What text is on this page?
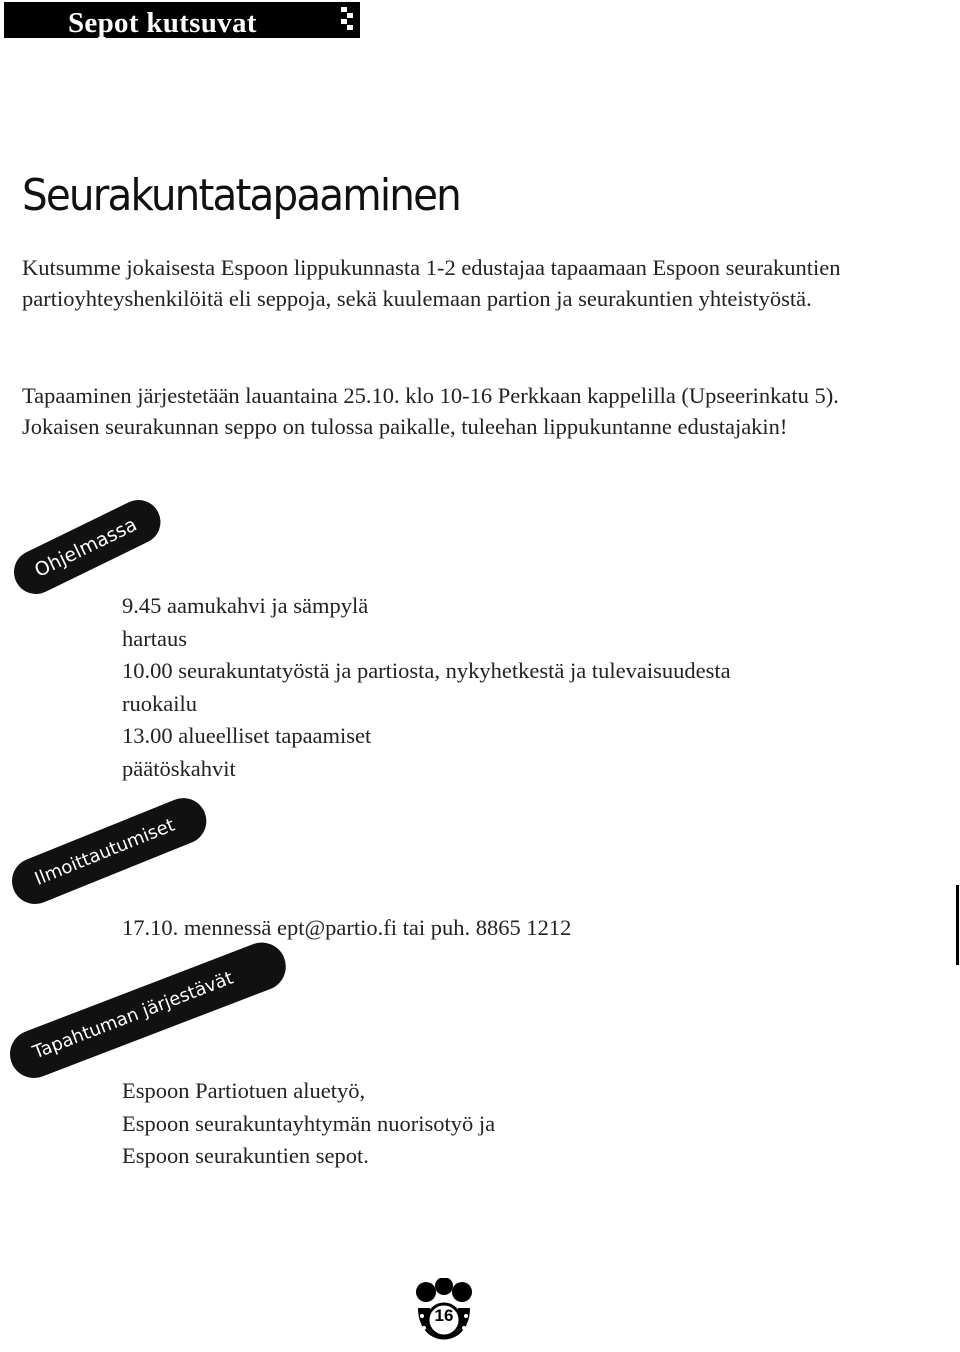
Sepot kutsuvat
Seurakuntatapaaminen

Kutsumme jokaisesta Espoon lippukunnasta 1-2 edustajaa tapaamaan Espoon seurakuntien partioyhteyshenkilöitä eli seppoja, sekä kuulemaan partion ja seurakuntien yhteistyöstä.

Tapaaminen järjestetään lauantaina 25.10. klo 10-16 Perkkaan kappelilla (Upseerinkatu 5). Jokaisen seurakunnan seppo on tulossa paikalle, tuleehan lippukuntanne edustajakin!

Ohjelmassa
9.45 aamukahvi ja sämpylä
hartaus
10.00 seurakuntatyöstä ja partiosta, nykyhetkestä ja tulevaisuudesta
ruokailu
13.00 alueelliset tapaamiset
päätöskahvit
Ilmoittautumiset
17.10. mennessä ept@partio.fi tai puh. 8865 1212
Tapahtuman järjestävät
Espoon Partiotuen aluetyö,
Espoon seurakuntayhtymän nuorisotyö ja
Espoon seurakuntien sepot.
16
